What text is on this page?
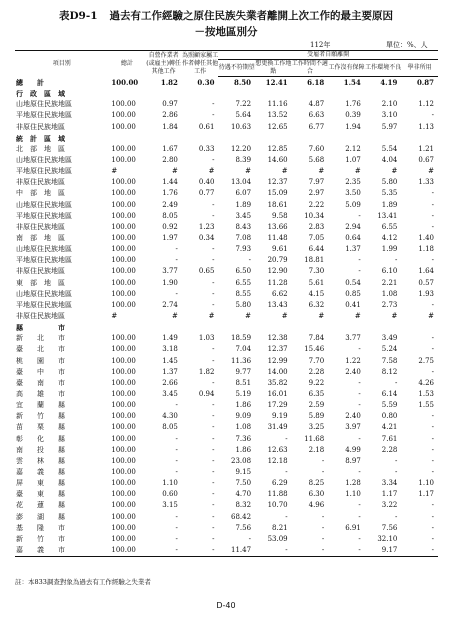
表D9-1 過去有工作經驗之原住民族失業者離開上次工作的最主要原因
－按地區別分
112年	單位：%、人
項目別	總計	自營作業者(或雇主)轉任其他工作	為照顧家屬工作者轉任其他工作	受雇者自願離開					
				待遇不符期望	想更換工作地點	工作時間不適合	工作沒有保障	工作環境不良	學非所用
總　　計	100.00	1.82	0.30	8.50	12.41	6.18	1.54	4.19	0.87
行　政　區　域									
山地原住民族地區	100.00	0.97	-	7.22	11.16	4.87	1.76	2.10	1.12
平地原住民族地區	100.00	2.86	-	5.64	13.52	6.63	0.39	3.10	-
非原住民族地區	100.00	1.84	0.61	10.63	12.65	6.77	1.94	5.97	1.13
統　計　區　域									
北　部　地　區	100.00	1.67	0.33	12.20	12.85	7.60	2.12	5.54	1.21
山地原住民族地區	100.00	2.80	-	8.39	14.60	5.68	1.07	4.04	0.67
平地原住民族地區	#	#	#	#	#	#	#	#	#
非原住民族地區	100.00	1.44	0.40	13.04	12.37	7.97	2.35	5.80	1.33
中　部　地　區	100.00	1.76	0.77	6.07	15.09	2.97	3.50	5.35	-
山地原住民族地區	100.00	2.49	-	1.89	18.61	2.22	5.09	1.89	-
平地原住民族地區	100.00	8.05	-	3.45	9.58	10.34	-	13.41	-
非原住民族地區	100.00	0.92	1.23	8.43	13.66	2.83	2.94	6.55	-
南　部　地　區	100.00	1.97	0.34	7.08	11.48	7.05	0.64	4.12	1.40
山地原住民族地區	100.00	-	-	7.93	9.61	6.44	1.37	1.99	1.18
平地原住民族地區	100.00	-	-	-	20.79	18.81	-	-	-
非原住民族地區	100.00	3.77	0.65	6.50	12.90	7.30	-	6.10	1.64
東　部　地　區	100.00	1.90	-	6.55	11.28	5.61	0.54	2.21	0.57
山地原住民族地區	100.00	-	-	8.55	6.62	4.15	0.85	1.08	1.93
平地原住民族地區	100.00	2.74	-	5.80	13.43	6.32	0.41	2.73	-
非原住民族地區	#	#	#	#	#	#	#	#	#
縣　　　　　市									
新　　北　　市	100.00	1.49	1.03	18.59	12.38	7.84	3.77	3.49	-
臺　　北　　市	100.00	3.18	-	7.04	12.37	15.46	-	5.24	-
桃　　園　　市	100.00	1.45	-	11.36	12.99	7.70	1.22	7.58	2.75
臺　　中　　市	100.00	1.37	1.82	9.77	14.00	2.28	2.40	8.12	-
臺　　南　　市	100.00	2.66	-	8.51	35.82	9.22	-	-	4.26
高　　雄　　市	100.00	3.45	0.94	5.19	16.01	6.35	-	6.14	1.53
宜　　蘭　　縣	100.00	-	-	1.86	17.29	2.59	-	5.59	1.55
新　　竹　　縣	100.00	4.30	-	9.09	9.19	5.89	2.40	0.80	-
苗　　栗　　縣	100.00	8.05	-	1.08	31.49	3.25	3.97	4.21	-
彰　　化　　縣	100.00	-	-	7.36	-	11.68	-	7.61	-
南　　投　　縣	100.00	-	-	1.86	12.63	2.18	4.99	2.28	-
雲　　林　　縣	100.00	-	-	23.08	12.18	-	8.97	-	-
嘉　　義　　縣	100.00	-	-	9.15	-	-	-	-	-
屏　　東　　縣	100.00	1.10	-	7.50	6.29	8.25	1.28	3.34	1.10
臺　　東　　縣	100.00	0.60	-	4.70	11.88	6.30	1.10	1.17	1.17
花　　蓮　　縣	100.00	3.15	-	8.32	10.70	4.96	-	3.22	-
澎　　湖　　縣	100.00	-	-	68.42	-	-	-	-	-
基　　隆　　市	100.00	-	-	7.56	8.21	-	6.91	7.56	-
新　　竹　　市	100.00	-	-	-	53.09	-	-	32.10	-
嘉　　義　　市	100.00	-	-	11.47	-	-	-	9.17	-
註：本833調查對象為過去有工作經驗之失業者
D-40
